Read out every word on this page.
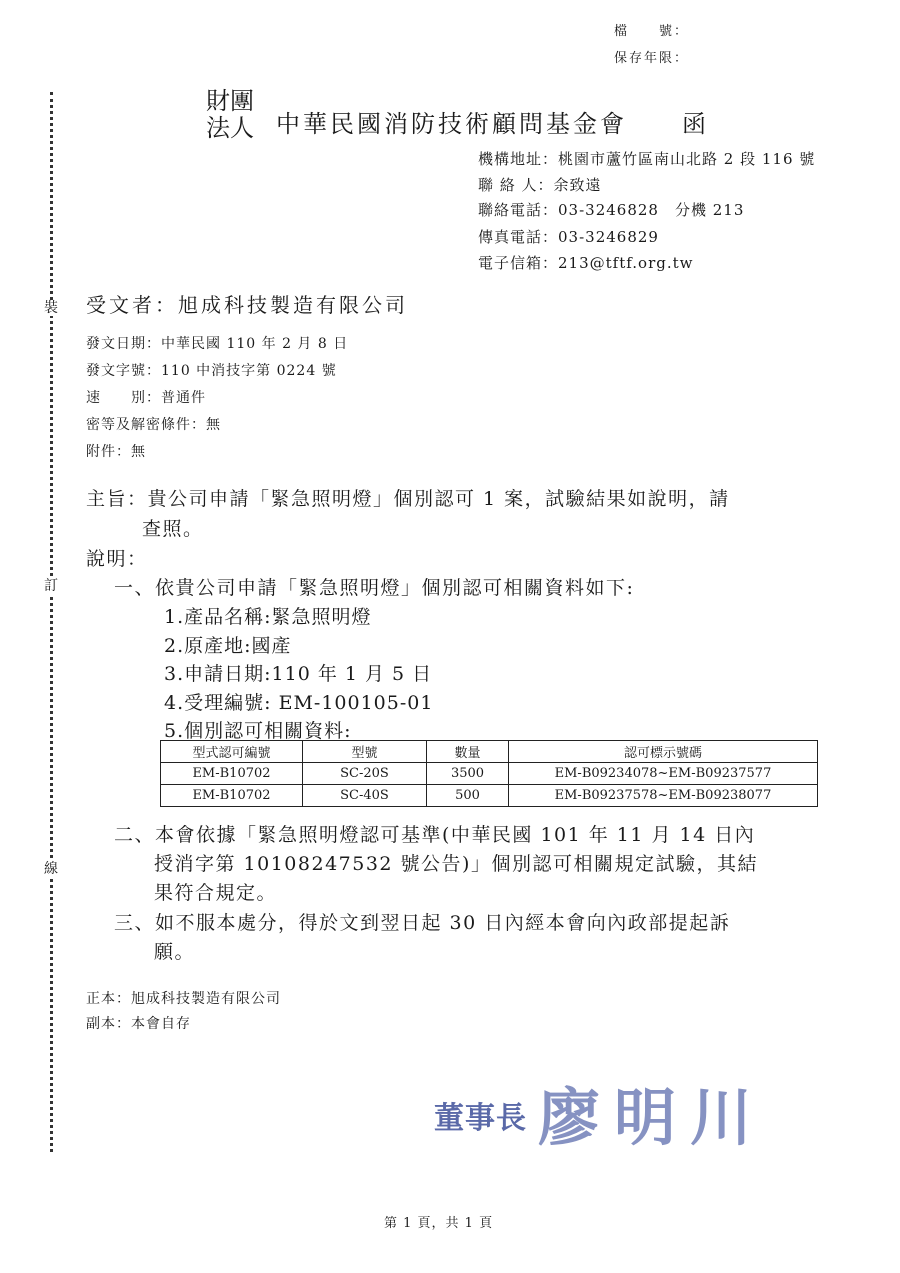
檔　　號：
保存年限：
裝
訂
線
財團
法人 中華民國消防技術顧問基金會 函
機構地址：桃園市蘆竹區南山北路 2 段 116 號
聯 絡 人：余致遠
聯絡電話：03-3246828　分機 213
傳真電話：03-3246829
電子信箱：213@tftf.org.tw
受文者：旭成科技製造有限公司
發文日期：中華民國 110 年 2 月 8 日
發文字號：110 中消技字第 0224 號
速　　別：普通件
密等及解密條件：無
附件：無
主旨：貴公司申請「緊急照明燈」個別認可 1 案，試驗結果如說明，請
查照。
說明：
一、依貴公司申請「緊急照明燈」個別認可相關資料如下:
1.產品名稱:緊急照明燈
2.原產地:國產
3.申請日期:110 年 1 月 5 日
4.受理編號: EM-100105-01
5.個別認可相關資料:
型式認可編號	型號	數量	認可標示號碼
EM-B10702	SC-20S	3500	EM-B09234078~EM-B09237577
EM-B10702	SC-40S	500	EM-B09237578~EM-B09238077
二、本會依據「緊急照明燈認可基準(中華民國 101 年 11 月 14 日內
授消字第 10108247532 號公告)」個別認可相關規定試驗，其結
果符合規定。
三、如不服本處分，得於文到翌日起 30 日內經本會向內政部提起訴
願。
正本：旭成科技製造有限公司
副本：本會自存
董事長 廖明川
第 1 頁，共 1 頁
